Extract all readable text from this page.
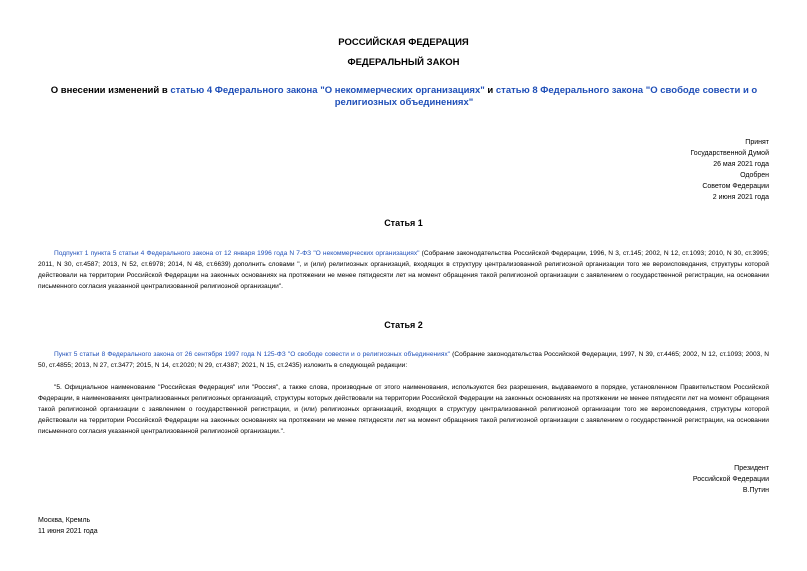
РОССИЙСКАЯ ФЕДЕРАЦИЯ
ФЕДЕРАЛЬНЫЙ ЗАКОН
О внесении изменений в статью 4 Федерального закона "О некоммерческих организациях" и статью 8 Федерального закона "О свободе совести и о религиозных объединениях"
Принят
Государственной Думой
26 мая 2021 года
Одобрен
Советом Федерации
2 июня 2021 года
Статья 1
Подпункт 1 пункта 5 статьи 4 Федерального закона от 12 января 1996 года N 7-ФЗ "О некоммерческих организациях" (Собрание законодательства Российской Федерации, 1996, N 3, ст.145; 2002, N 12, ст.1093; 2010, N 30, ст.3995; 2011, N 30, ст.4587; 2013, N 52, ст.6978; 2014, N 48, ст.6639) дополнить словами ", и (или) религиозных организаций, входящих в структуру централизованной религиозной организации того же вероисповедания, структуры которой действовали на территории Российской Федерации на законных основаниях на протяжении не менее пятидесяти лет на момент обращения такой религиозной организации с заявлением о государственной регистрации, на основании письменного согласия указанной централизованной религиозной организации".
Статья 2
Пункт 5 статьи 8 Федерального закона от 26 сентября 1997 года N 125-ФЗ "О свободе совести и о религиозных объединениях" (Собрание законодательства Российской Федерации, 1997, N 39, ст.4465; 2002, N 12, ст.1093; 2003, N 50, ст.4855; 2013, N 27, ст.3477; 2015, N 14, ст.2020; N 29, ст.4387; 2021, N 15, ст.2435) изложить в следующей редакции:
"5. Официальное наименование "Российская Федерация" или "Россия", а также слова, производные от этого наименования, используются без разрешения, выдаваемого в порядке, установленном Правительством Российской Федерации, в наименованиях централизованных религиозных организаций, структуры которых действовали на территории Российской Федерации на законных основаниях на протяжении не менее пятидесяти лет на момент обращения такой религиозной организации с заявлением о государственной регистрации, и (или) религиозных организаций, входящих в структуру централизованной религиозной организации того же вероисповедания, структуры которой действовали на территории Российской Федерации на законных основаниях на протяжении не менее пятидесяти лет на момент обращения такой религиозной организации с заявлением о государственной регистрации, на основании письменного согласия указанной централизованной религиозной организации.".
Президент
Российской Федерации
В.Путин
Москва, Кремль
11 июня 2021 года
